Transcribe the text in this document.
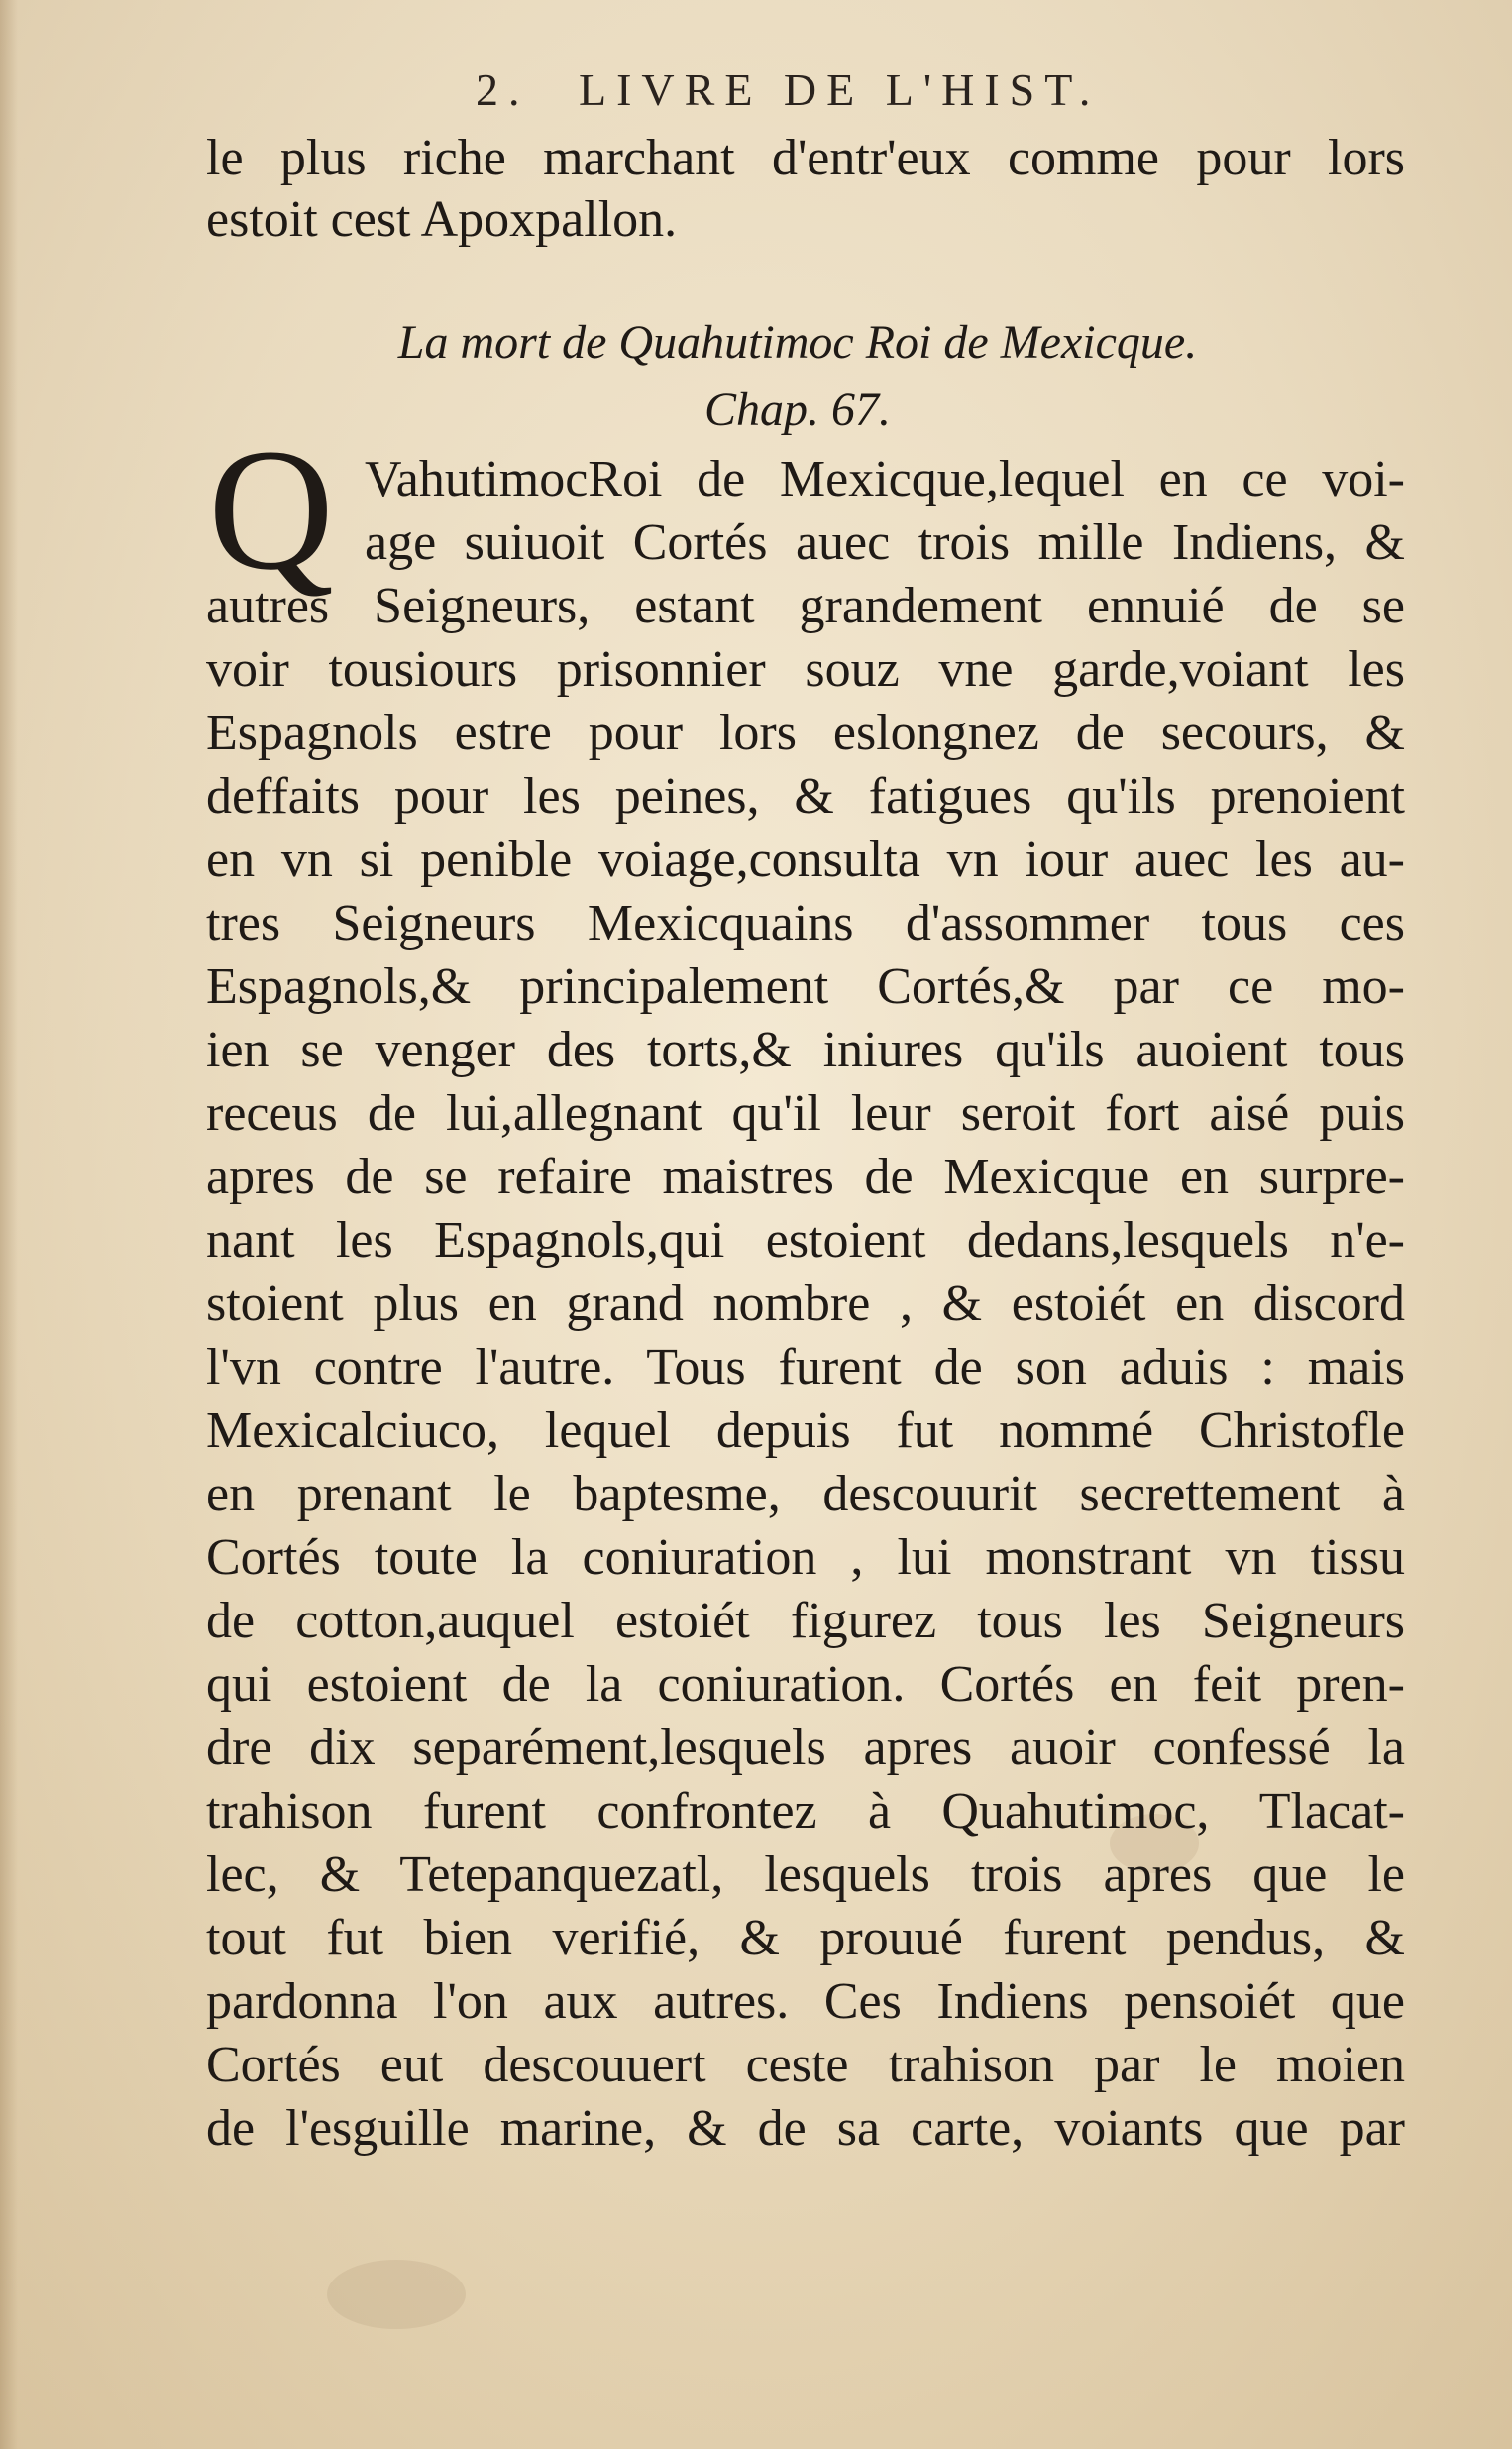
2. LIVRE DE L'HIST.
le plus riche marchant d'entr'eux comme pour lors
estoit cest Apoxpallon.
La mort de Quahutimoc Roi de Mexicque.
Chap. 67.
Q VahutimocRoi de Mexicque,lequel en ce voi-
age suiuoit Cortés auec trois mille Indiens, &
autres Seigneurs, estant grandement ennuié de se
voir tousiours prisonnier souz vne garde,voiant les
Espagnols estre pour lors eslongnez de secours, &
deffaits pour les peines, & fatigues qu'ils prenoient
en vn si penible voiage,consulta vn iour auec les au-
tres Seigneurs Mexicquains d'assommer tous ces
Espagnols,& principalement Cortés,& par ce mo-
ien se venger des torts,& iniures qu'ils auoient tous
receus de lui,allegnant qu'il leur seroit fort aisé puis
apres de se refaire maistres de Mexicque en surpre-
nant les Espagnols,qui estoient dedans,lesquels n'e-
stoient plus en grand nombre , & estoiét en discord
l'vn contre l'autre. Tous furent de son aduis : mais
Mexicalciuco, lequel depuis fut nommé Christofle
en prenant le baptesme, descouurit secrettement à
Cortés toute la coniuration , lui monstrant vn tissu
de cotton,auquel estoiét figurez tous les Seigneurs
qui estoient de la coniuration. Cortés en feit pren-
dre dix separément,lesquels apres auoir confessé la
trahison furent confrontez à Quahutimoc, Tlacat-
lec, & Tetepanquezatl, lesquels trois apres que le
tout fut bien verifié, & prouué furent pendus, &
pardonna l'on aux autres. Ces Indiens pensoiét que
Cortés eut descouuert ceste trahison par le moien
de l'esguille marine, & de sa carte, voiants que par
